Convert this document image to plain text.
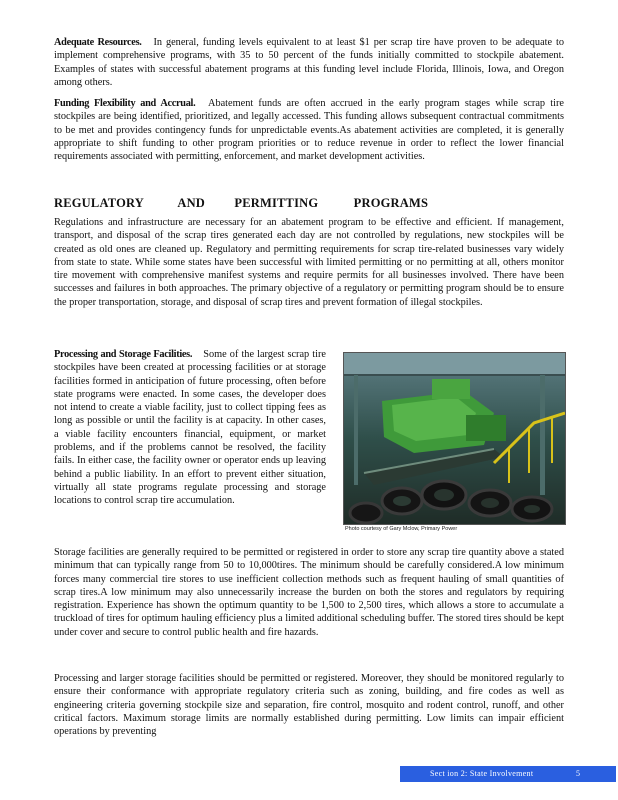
Adequate Resources. In general, funding levels equivalent to at least $1 per scrap tire have proven to be adequate to implement comprehensive programs, with 35 to 50 percent of the funds initially committed to stockpile abatement. Examples of states with successful abatement programs at this funding level include Florida, Illinois, Iowa, and Oregon among others.
Funding Flexibility and Accrual. Abatement funds are often accrued in the early program stages while scrap tire stockpiles are being identified, prioritized, and legally accessed. This funding allows subsequent contractual commitments to be met and provides contingency funds for unpredictable events.As abatement activities are completed, it is generally appropriate to shift funding to other program priorities or to reduce revenue in order to reflect the lower financial requirements associated with permitting, enforcement, and market development activities.
REGULATORY	AND PERMITTING	PROGRAMS
Regulations and infrastructure are necessary for an abatement program to be effective and efficient. If management, transport, and disposal of the scrap tires generated each day are not controlled by regulations, new stockpiles will be created as old ones are cleaned up. Regulatory and permitting requirements for scrap tire-related businesses vary widely from state to state. While some states have been successful with limited permitting or no permitting at all, others monitor tire movement with comprehensive manifest systems and require permits for all businesses involved. There have been successes and failures in both approaches. The primary objective of a regulatory or permitting program should be to ensure the proper transportation, storage, and disposal of scrap tires and prevent formation of illegal stockpiles.
Processing and Storage Facilities. Some of the largest scrap tire stockpiles have been created at processing facilities or at storage facilities formed in anticipation of future processing, often before state programs were enacted. In some cases, the developer does not intend to create a viable facility, just to collect tipping fees as long as possible or until the facility is at capacity. In other cases, a viable facility encounters financial, equipment, or market problems, and if the problems cannot be resolved, the facility fails. In either case, the facility owner or operator ends up leaving behind a public liability. In an effort to prevent either situation, virtually all state programs regulate processing and storage locations to control scrap tire accumulation.
Photo courtesy of Gary Mclow, Primary Power
Storage facilities are generally required to be permitted or registered in order to store any scrap tire quantity above a stated minimum that can typically range from 50 to 10,000tires. The minimum should be carefully considered.A low minimum forces many commercial tire stores to use inefficient collection methods such as frequent hauling of small quantities of scrap tires.A low minimum may also unnecessarily increase the burden on both the stores and regulators by requiring registration. Experience has shown the optimum quantity to be 1,500 to 2,500 tires, which allows a store to accumulate a truckload of tires for optimum hauling efficiency plus a limited additional scheduling buffer. The stored tires should be kept under cover and secure to control public health and fire hazards.
Processing and larger storage facilities should be permitted or registered. Moreover, they should be monitored regularly to ensure their conformance with appropriate regulatory criteria such as zoning, building, and fire codes as well as engineering criteria governing stockpile size and separation, fire control, mosquito and rodent control, runoff, and other critical factors. Maximum storage limits are normally established during permitting. Low limits can impair efficient operations by preventing
Sect ion 2: State Involvement	5
